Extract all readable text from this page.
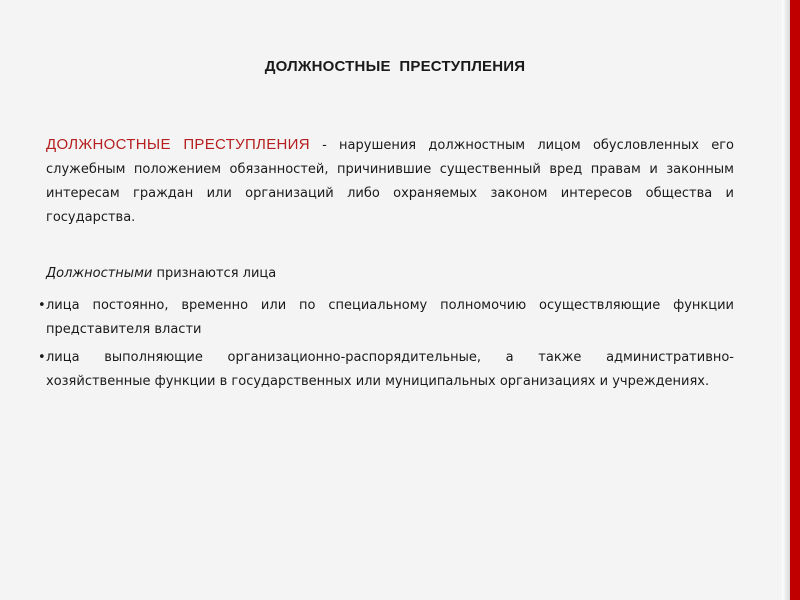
ДОЛЖНОСТНЫЕ  ПРЕСТУПЛЕНИЯ
ДОЛЖНОСТНЫЕ ПРЕСТУПЛЕНИЯ - нарушения должностным лицом обусловленных его служебным положением обязанностей, причинившие существенный вред правам и законным интересам граждан или организаций либо охраняемых законом интересов общества и государства.
Должностными признаются лица
• лица постоянно, временно или по специальному полномочию осуществляющие функции представителя власти
• лица выполняющие организационно-распорядительные, а также административно-хозяйственные функции в государственных или муниципальных организациях и учреждениях.
